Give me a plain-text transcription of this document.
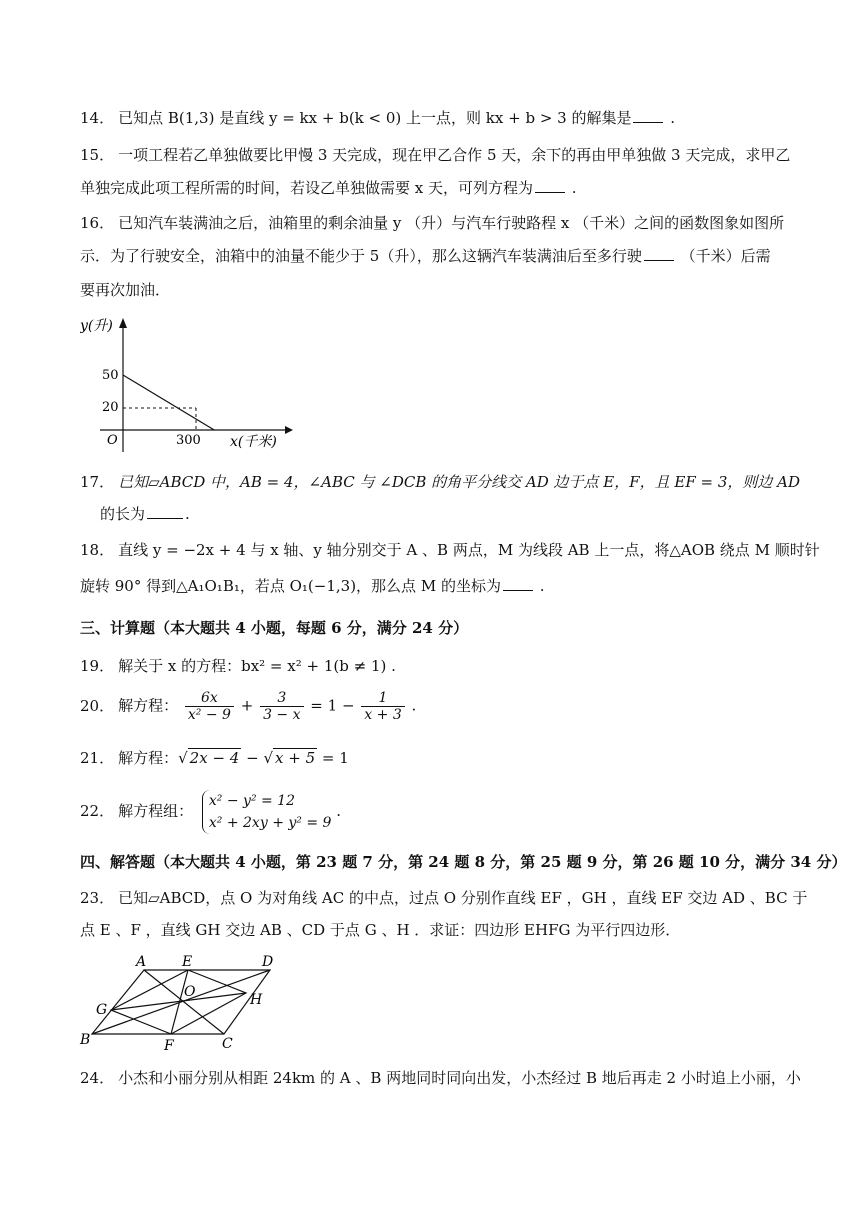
14． 已知点 B(1,3) 是直线 y = kx + b(k < 0) 上一点，则 kx + b > 3 的解集是 .
15． 一项工程若乙单独做要比甲慢 3 天完成，现在甲乙合作 5 天，余下的再由甲单独做 3 天完成，求甲乙
单独完成此项工程所需的时间，若设乙单独做需要 x 天，可列方程为 .
16． 已知汽车装满油之后，油箱里的剩余油量 y （升）与汽车行驶路程 x （千米）之间的函数图象如图所
示．为了行驶安全，油箱中的油量不能少于 5（升），那么这辆汽车装满油后至多行驶 （千米）后需
要再次加油．
y(升)
x(千米)
O
50
20
300
17． 已知▱ABCD 中，AB = 4，∠ABC 与 ∠DCB 的角平分线交 AD 边于点 E，F，且 EF = 3，则边 AD
的长为	.
18． 直线 y = −2x + 4 与 x 轴、y 轴分别交于 A 、B 两点，M 为线段 AB 上一点，将△AOB 绕点 M 顺时针
旋转 90° 得到△A₁O₁B₁，若点 O₁(−1,3)，那么点 M 的坐标为 .
三、计算题（本大题共 4 小题，每题 6 分，满分 24 分）
19． 解关于 x 的方程：bx² = x² + 1(b ≠ 1) .
20． 解方程： $\frac{6x}{\text{x² − 9}} + \frac{3}{3 - x} = 1 - \frac{1}{x + 3}$ .
21． 解方程：√ 2x − 4 − √ x + 5 = 1
22． 解方程组：
x² − y² = 12
x² + 2xy + y² = 9
.
四、解答题（本大题共 4 小题，第 23 题 7 分，第 24 题 8 分，第 25 题 9 分，第 26 题 10 分，满分 34 分）
23． 已知▱ABCD，点 O 为对角线 AC 的中点，过点 O 分别作直线 EF ，GH ，直线 EF 交边 AD 、BC 于
点 E 、F ，直线 GH 交边 AB 、CD 于点 G 、H ．求证：四边形 EHFG 为平行四边形．
A	E	D
G
O	H
B	F	C
24． 小杰和小丽分别从相距 24km 的 A 、B 两地同时同向出发，小杰经过 B 地后再走 2 小时追上小丽，小
